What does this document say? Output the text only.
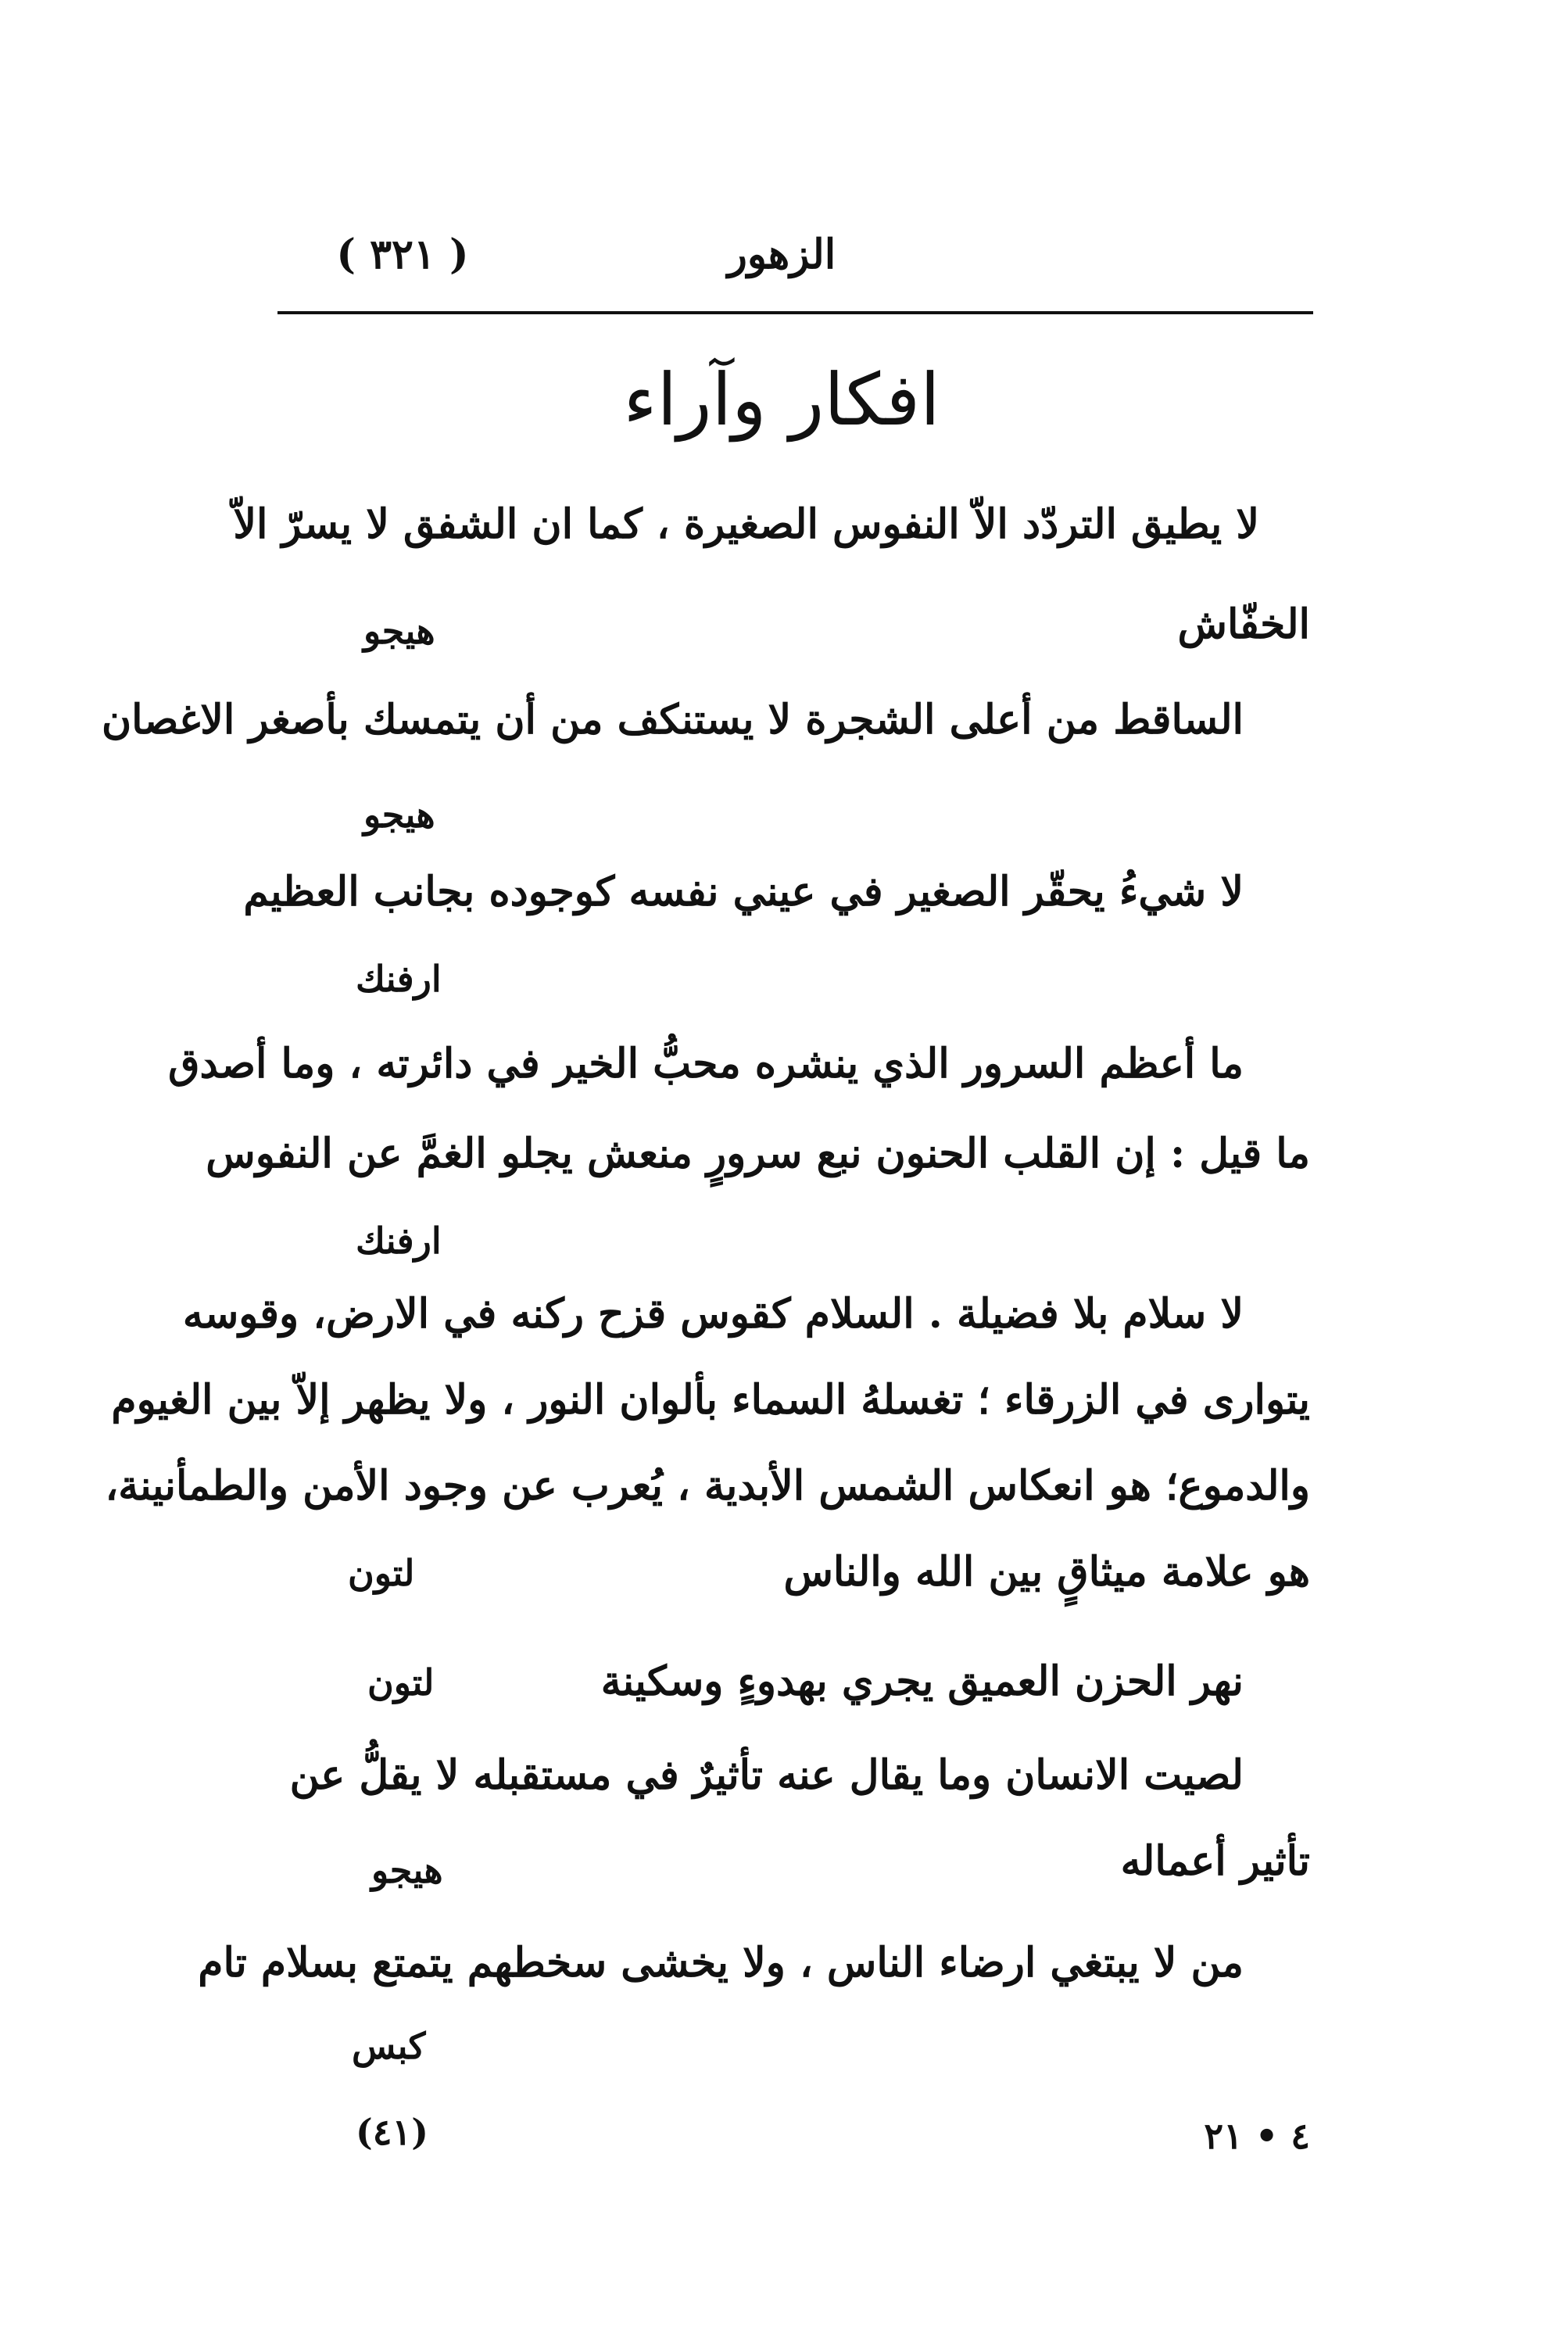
الزهور
( ٣٢١ )
افكار وآراء
لا يطيق التردّد الاّ النفوس الصغيرة ، كما ان الشفق لا يسرّ الاّ
الخفّاش
هيجو
الساقط من أعلى الشجرة لا يستنكف من أن يتمسك بأصغر الاغصان
هيجو
لا شيءُ يحقّر الصغير في عيني نفسه كوجوده بجانب العظيم
ارفنك
ما أعظم السرور الذي ينشره محبُّ الخير في دائرته ، وما أصدق
ما قيل : إن القلب الحنون نبع سرورٍ منعش يجلو الغمَّ عن النفوس
ارفنك
لا سلام بلا فضيلة . السلام كقوس قزح ركنه في الارض، وقوسه
يتوارى في الزرقاء ؛ تغسلهُ السماء بألوان النور ، ولا يظهر إلاّ بين الغيوم
والدموع؛ هو انعكاس الشمس الأبدية ، يُعرب عن وجود الأمن والطمأنينة،
هو علامة ميثاقٍ بين الله والناس
لتون
نهر الحزن العميق يجري بهدوءٍ وسكينة
لتون
لصيت الانسان وما يقال عنه تأثيرٌ في مستقبله لا يقلُّ عن
تأثير أعماله
هيجو
من لا يبتغي ارضاء الناس ، ولا يخشى سخطهم يتمتع بسلام تام
كبس
(٤١)	٤ • ٢١
